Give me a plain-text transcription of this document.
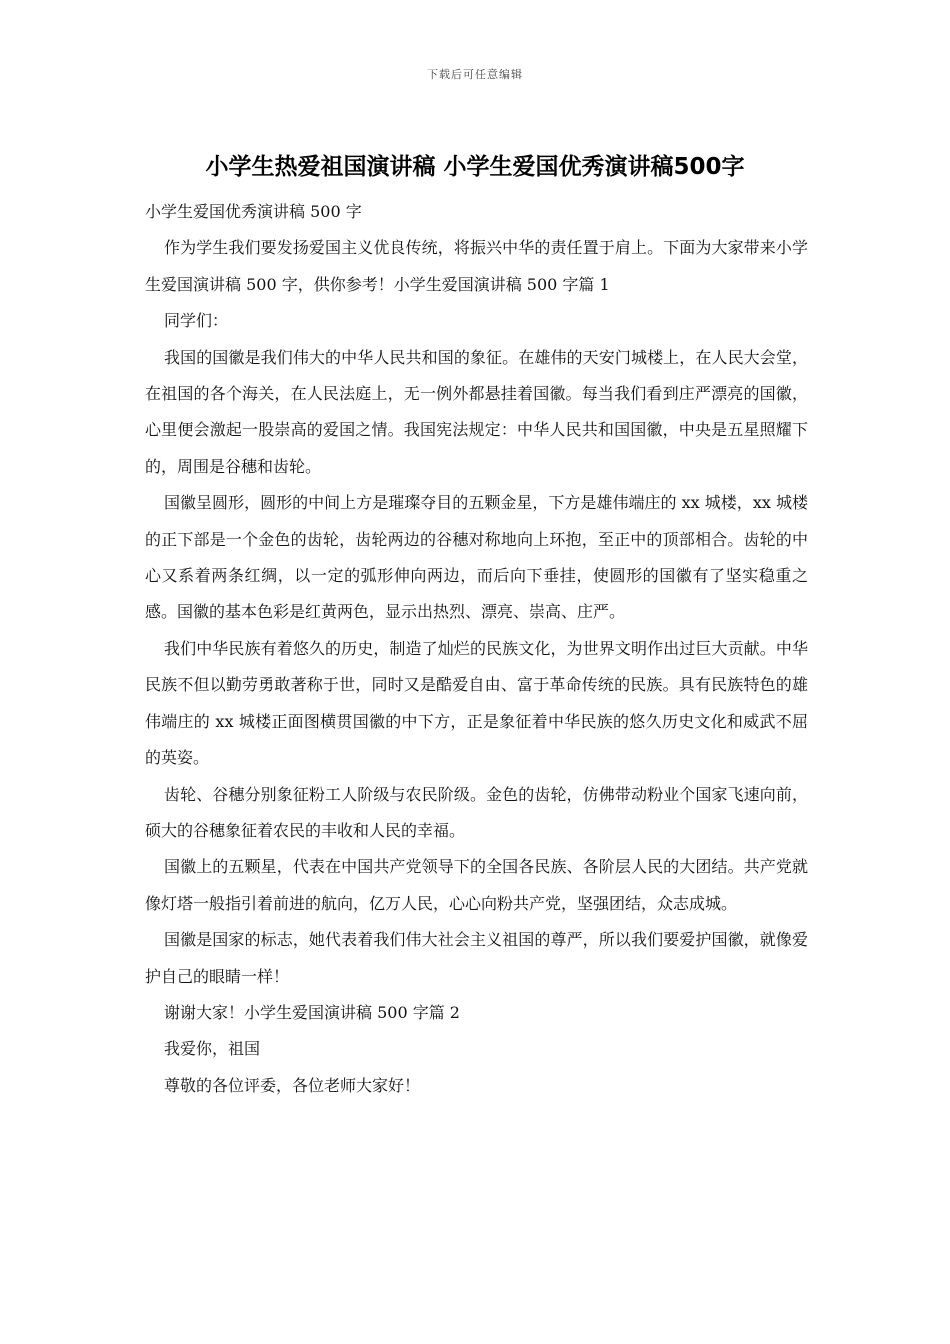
下载后可任意编辑
小学生热爱祖国演讲稿 小学生爱国优秀演讲稿500字

小学生爱国优秀演讲稿 500 字

作为学生我们要发扬爱国主义优良传统，将振兴中华的责任置于肩上。下面为大家带来小学生爱国演讲稿 500 字，供你参考！小学生爱国演讲稿 500 字篇 1

同学们：

我国的国徽是我们伟大的中华人民共和国的象征。在雄伟的天安门城楼上，在人民大会堂，在祖国的各个海关，在人民法庭上，无一例外都悬挂着国徽。每当我们看到庄严漂亮的国徽，心里便会激起一股崇高的爱国之情。我国宪法规定：中华人民共和国国徽，中央是五星照耀下的，周围是谷穗和齿轮。

国徽呈圆形，圆形的中间上方是璀璨夺目的五颗金星，下方是雄伟端庄的 xx 城楼，xx 城楼的正下部是一个金色的齿轮，齿轮两边的谷穗对称地向上环抱，至正中的顶部相合。齿轮的中心又系着两条红绸，以一定的弧形伸向两边，而后向下垂挂，使圆形的国徽有了坚实稳重之感。国徽的基本色彩是红黄两色，显示出热烈、漂亮、崇高、庄严。

我们中华民族有着悠久的历史，制造了灿烂的民族文化，为世界文明作出过巨大贡献。中华民族不但以勤劳勇敢著称于世，同时又是酷爱自由、富于革命传统的民族。具有民族特色的雄伟端庄的 xx 城楼正面图横贯国徽的中下方，正是象征着中华民族的悠久历史文化和威武不屈的英姿。

齿轮、谷穗分别象征粉工人阶级与农民阶级。金色的齿轮，仿佛带动粉业个国家飞速向前，硕大的谷穗象征着农民的丰收和人民的幸福。

国徽上的五颗星，代表在中国共产党领导下的全国各民族、各阶层人民的大团结。共产党就像灯塔一般指引着前进的航向，亿万人民，心心向粉共产党，坚强团结，众志成城。

国徽是国家的标志，她代表着我们伟大社会主义祖国的尊严，所以我们要爱护国徽，就像爱护自己的眼睛一样！

谢谢大家！小学生爱国演讲稿 500 字篇 2

我爱你，祖国

尊敬的各位评委，各位老师大家好！
